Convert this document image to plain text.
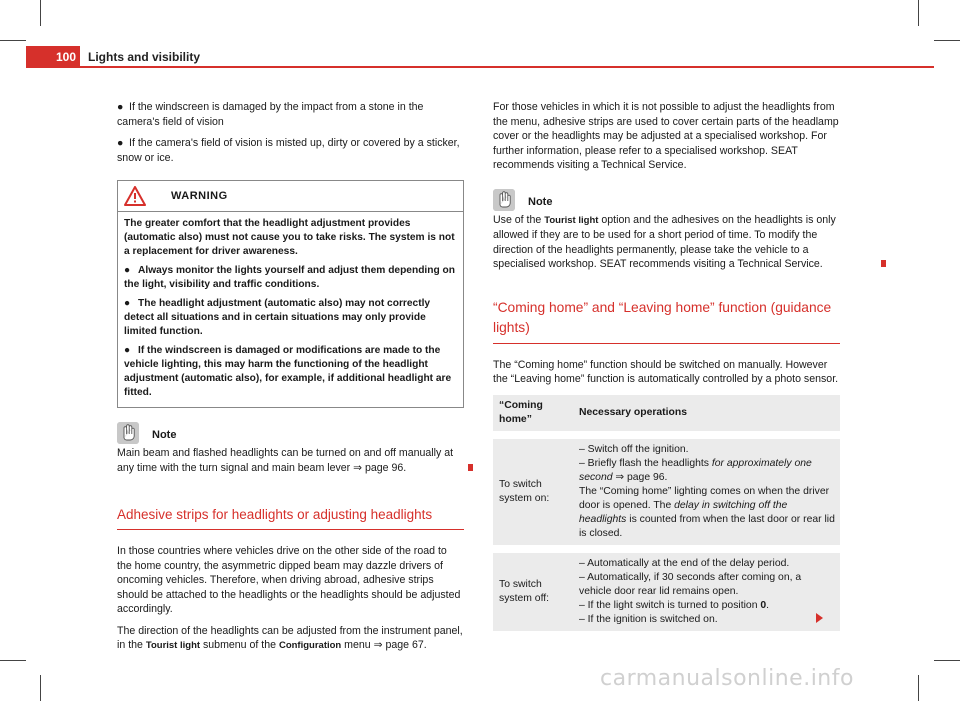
100 Lights and visibility
● If the windscreen is damaged by the impact from a stone in the camera's field of vision
● If the camera's field of vision is misted up, dirty or covered by a sticker, snow or ice.
WARNING

The greater comfort that the headlight adjustment provides (automatic also) must not cause you to take risks. The system is not a replacement for driver awareness.

● Always monitor the lights yourself and adjust them depending on the light, visibility and traffic conditions.

● The headlight adjustment (automatic also) may not correctly detect all situations and in certain situations may only provide limited function.

● If the windscreen is damaged or modifications are made to the vehicle lighting, this may harm the functioning of the headlight adjustment (automatic also), for example, if additional headlight are fitted.

Note

Main beam and flashed headlights can be turned on and off manually at any time with the turn signal and main beam lever ⇒ page 96.

Adhesive strips for headlights or adjusting headlights

In those countries where vehicles drive on the other side of the road to the home country, the asymmetric dipped beam may dazzle drivers of oncoming vehicles. Therefore, when driving abroad, adhesive strips should be attached to the headlights or the headlights should be adjusted accordingly.

The direction of the headlights can be adjusted from the instrument panel, in the Tourist light submenu of the Configuration menu ⇒ page 67.

For those vehicles in which it is not possible to adjust the headlights from the menu, adhesive strips are used to cover certain parts of the headlamp cover or the headlights may be adjusted at a specialised workshop. For further information, please refer to a specialised workshop. SEAT recommends visiting a Technical Service.

Note

Use of the Tourist light option and the adhesives on the headlights is only allowed if they are to be used for a short period of time. To modify the direction of the headlights permanently, please take the vehicle to a specialised workshop. SEAT recommends visiting a Technical Service.

“Coming home” and “Leaving home” function (guidance lights)

The “Coming home” function should be switched on manually. However the “Leaving home” function is automatically controlled by a photo sensor.

“Coming home”	Necessary operations

To switch system on:	– Switch off the ignition.
– Briefly flash the headlights for approximately one second ⇒ page 96.
The “Coming home” lighting comes on when the driver door is opened. The delay in switching off the headlights is counted from when the last door or rear lid is closed.

To switch system off:	– Automatically at the end of the delay period.
– Automatically, if 30 seconds after coming on, a vehicle door rear lid remains open.
– If the light switch is turned to position 0.
– If the ignition is switched on.
carmanualsonline.info
